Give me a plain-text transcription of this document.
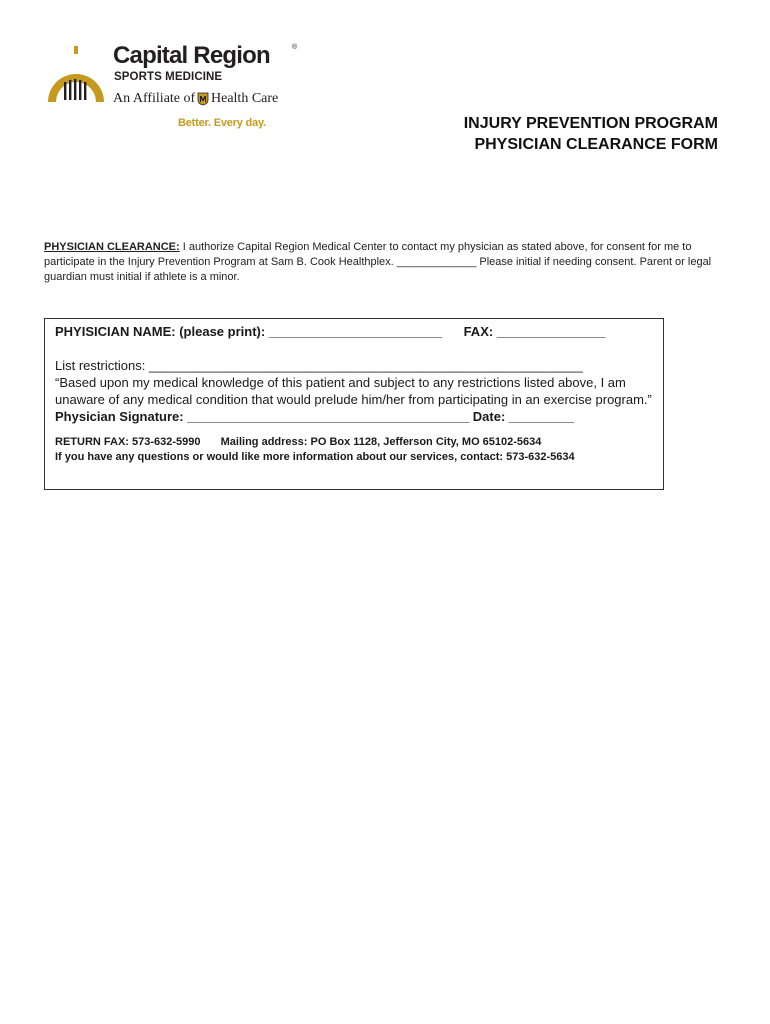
Capital Region	®
SPORTS MEDICINE
An Affiliate of Health Care
Better. Every day.	INJURY PREVENTION PROGRAM
PHYSICIAN CLEARANCE FORM
PHYSICIAN CLEARANCE: I authorize Capital Region Medical Center to contact my physician as stated above, for consent for me to participate in the Injury Prevention Program at Sam B. Cook Healthplex. _____________ Please initial if needing consent. Parent or legal guardian must initial if athlete is a minor.
PHYISICIAN NAME: (please print): ________________________ FAX: _______________
List restrictions: ____________________________________________________________
“Based upon my medical knowledge of this patient and subject to any restrictions listed above, I am unaware of any medical condition that would prelude him/her from participating in an exercise program.”
Physician Signature: _______________________________________ Date: _________
RETURN FAX: 573-632-5990 Mailing address: PO Box 1128, Jefferson City, MO 65102-5634
If you have any questions or would like more information about our services, contact: 573-632-5634
